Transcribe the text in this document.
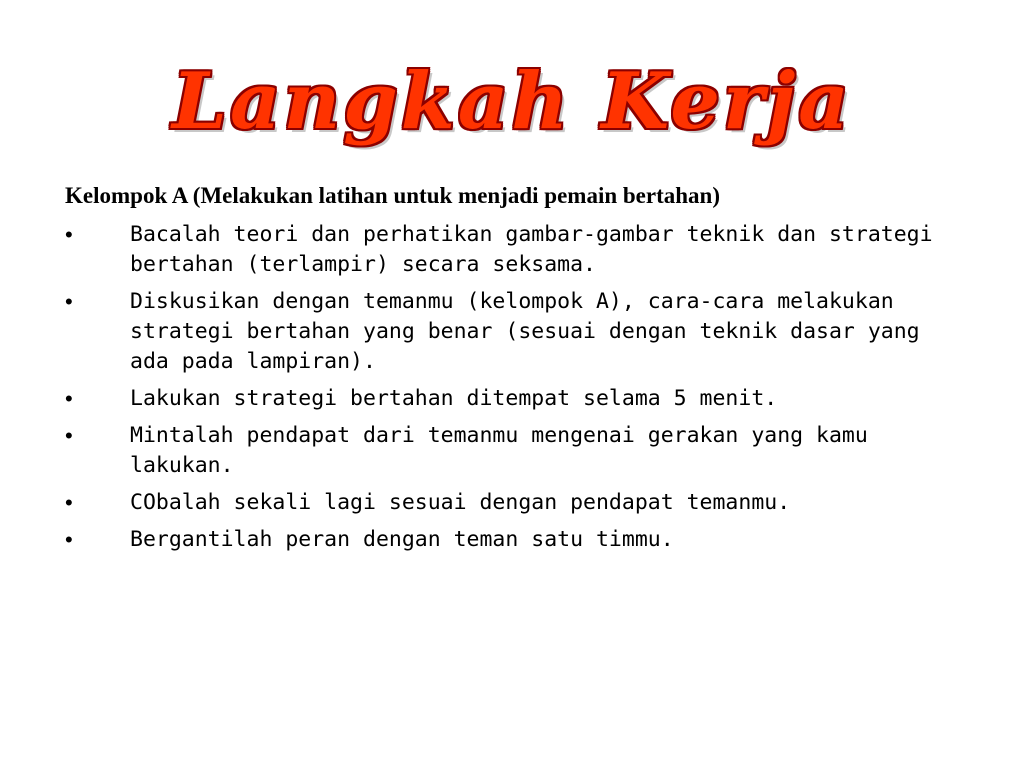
Langkah Kerja
Kelompok A (Melakukan latihan untuk menjadi pemain bertahan)
•	Bacalah teori dan perhatikan gambar-gambar teknik dan strategi bertahan (terlampir) secara seksama.
•	Diskusikan dengan temanmu (kelompok A), cara-cara melakukan strategi bertahan yang benar (sesuai dengan teknik dasar yang ada pada lampiran).
•	Lakukan strategi bertahan ditempat selama 5 menit.
•	Mintalah pendapat dari temanmu mengenai gerakan yang kamu lakukan.
•	CObalah sekali lagi sesuai dengan pendapat temanmu.
•	Bergantilah peran dengan teman satu timmu.
